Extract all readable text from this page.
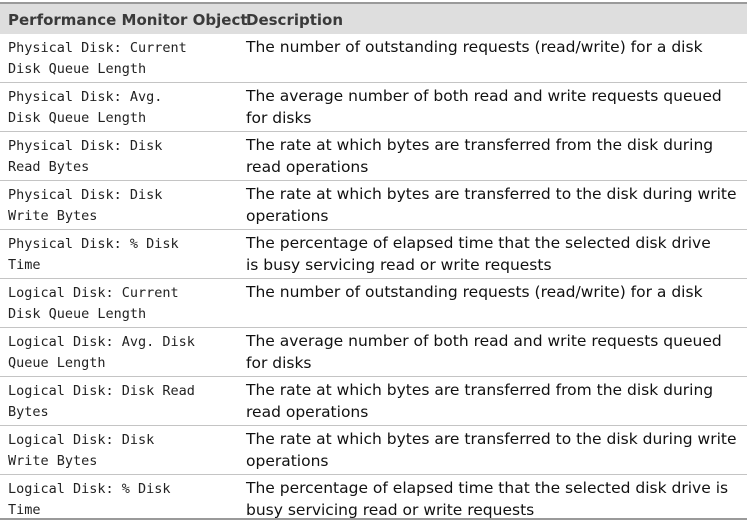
Performance Monitor Object
Description
Physical Disk: Current
Disk Queue Length
The number of outstanding requests (read/write) for a disk
Physical Disk: Avg.
Disk Queue Length
The average number of both read and write requests queued
for disks
Physical Disk: Disk
Read Bytes
The rate at which bytes are transferred from the disk during
read operations
Physical Disk: Disk
Write Bytes
The rate at which bytes are transferred to the disk during write
operations
Physical Disk: % Disk
Time
The percentage of elapsed time that the selected disk drive
is busy servicing read or write requests
Logical Disk: Current
Disk Queue Length
The number of outstanding requests (read/write) for a disk
Logical Disk: Avg. Disk
Queue Length
The average number of both read and write requests queued
for disks
Logical Disk: Disk Read
Bytes
The rate at which bytes are transferred from the disk during
read operations
Logical Disk: Disk
Write Bytes
The rate at which bytes are transferred to the disk during write
operations
Logical Disk: % Disk
Time
The percentage of elapsed time that the selected disk drive is
busy servicing read or write requests
